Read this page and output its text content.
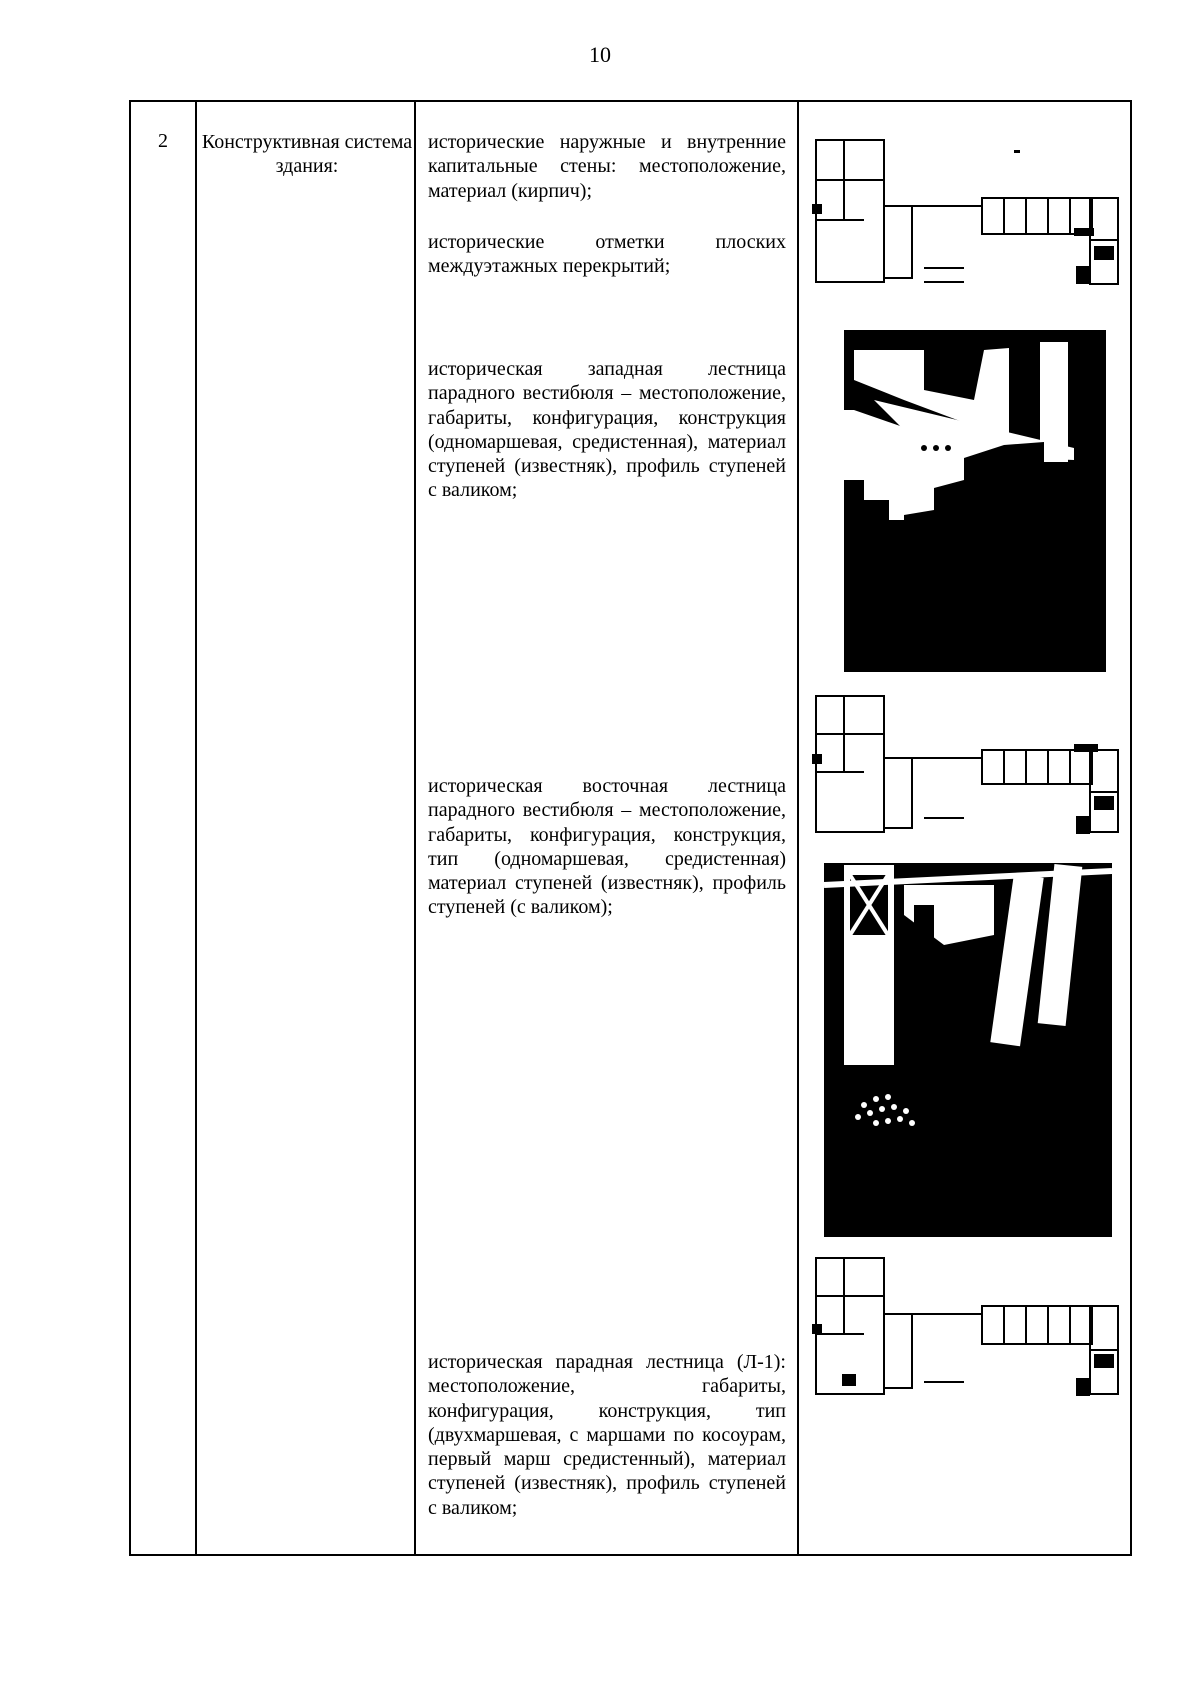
10
2	Конструктивная система здания:
исторические наружные и внутренние капитальные стены: местоположение, материал (кирпич);
исторические отметки плоских междуэтажных перекрытий;
историческая западная лестница парадного вестибюля – местоположение, габариты, конфигурация, конструкция (одномаршевая, средистенная), материал ступеней (известняк), профиль ступеней с валиком;
историческая восточная лестница парадного вестибюля – местоположение, габариты, конфигурация, конструкция, тип (одномаршевая, средистенная) материал ступеней (известняк), профиль ступеней (с валиком);
историческая парадная лестница (Л-1): местоположение, габариты, конфигурация, конструкция, тип (двухмаршевая, с маршами по косоурам, первый марш средистенный), материал ступеней (известняк), профиль ступеней с валиком;
